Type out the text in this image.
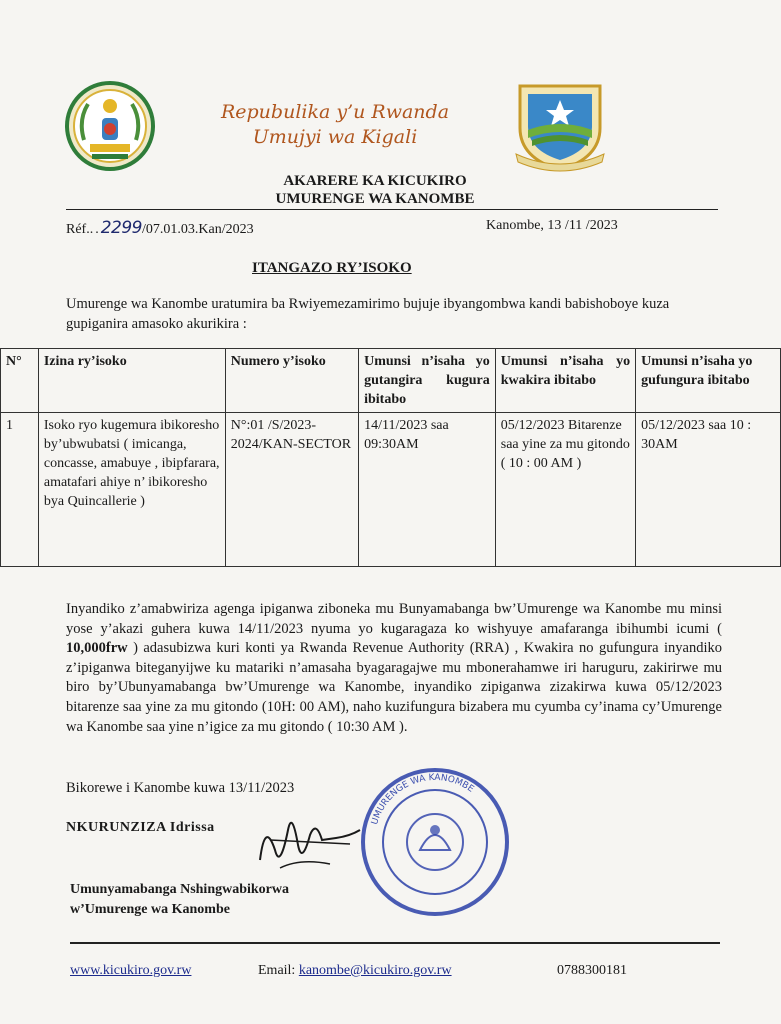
Repubulika y’u Rwanda
Umujyi wa Kigali
AKARERE KA KICUKIRO
UMURENGE WA KANOMBE
Réf...2299/07.01.03.Kan/2023	Kanombe, 13 /11 /2023
ITANGAZO RY’ISOKO
Umurenge wa Kanombe uratumira ba Rwiyemezamirimo bujuje ibyangombwa kandi babishoboye kuza gupiganira amasoko akurikira :
N°	Izina ry’isoko	Numero y’isoko	Umunsi n’isaha yo gutangira kugura ibitabo	Umunsi n’isaha yo kwakira ibitabo	Umunsi n’isaha yo gufungura ibitabo
1	Isoko ryo kugemura ibikoresho by’ubwubatsi ( imicanga, concasse, amabuye , ibipfarara, amatafari ahiye n’ ibikoresho bya Quincallerie )	N°:01 /S/2023-2024/KAN-SECTOR	14/11/2023 saa 09:30AM	05/12/2023 Bitarenze saa yine za mu gitondo ( 10 : 00 AM )	05/12/2023 saa 10 : 30AM
Inyandiko z’amabwiriza agenga ipiganwa ziboneka mu Bunyamabanga bw’Umurenge wa Kanombe mu minsi yose y’akazi guhera kuwa 14/11/2023 nyuma yo kugaragaza ko wishyuye amafaranga ibihumbi icumi ( 10,000frw ) adasubizwa kuri konti ya Rwanda Revenue Authority (RRA) , Kwakira no gufungura inyandiko z’ipiganwa biteganyijwe ku matariki n’amasaha byagaragajwe mu mbonerahamwe iri haruguru, zakirirwe mu biro by’Ubunyamabanga bw’Umurenge wa Kanombe, inyandiko zipiganwa zizakirwa kuwa 05/12/2023 bitarenze saa yine za mu gitondo (10H: 00 AM), naho kuzifungura bizabera mu cyumba cy’inama cy’Umurenge wa Kanombe saa yine n’igice za mu gitondo ( 10:30 AM ).
Bikorewe i Kanombe kuwa 13/11/2023
NKURUNZIZA Idrissa	UMURENGE WA KANOMBE
Umunyamabanga Nshingwabikorwa
w’Umurenge wa Kanombe
www.kicukiro.gov.rw	Email: kanombe@kicukiro.gov.rw	0788300181
